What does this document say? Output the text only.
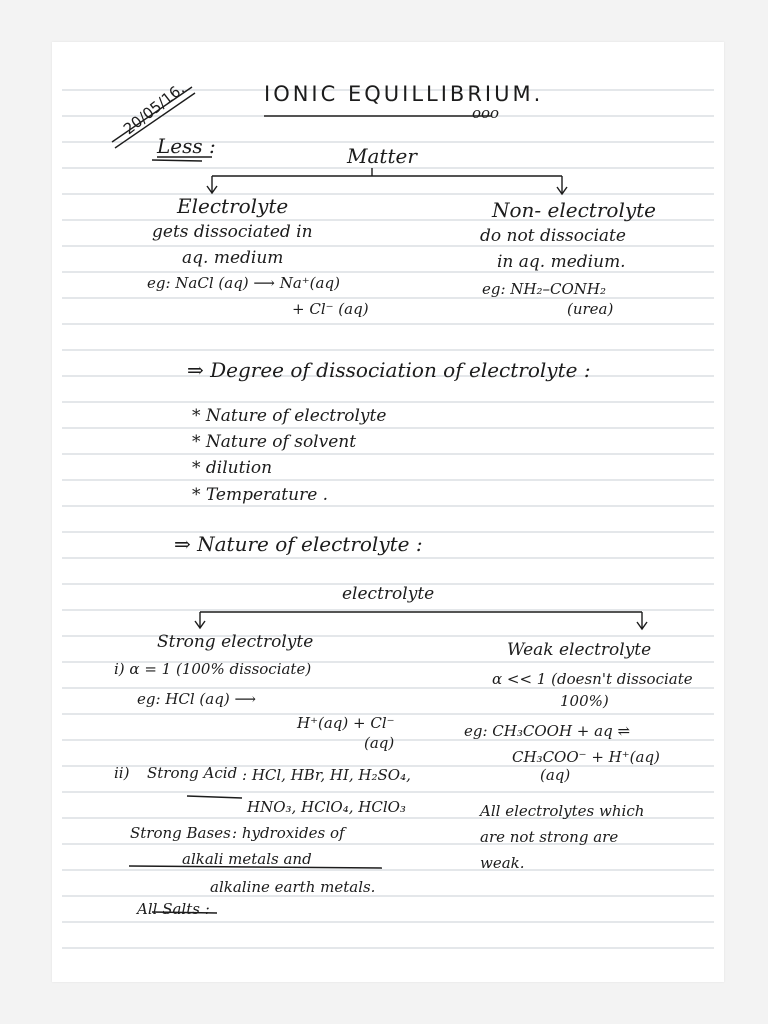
20/05/16.	IONIC EQUILLIBRIUM.
ooo
Less :	Matter
Electrolyte
gets dissociated in
aq. medium
eg: NaCl (aq) ⟶ Na⁺(aq)
+ Cl⁻ (aq)
Non- electrolyte
do not dissociate
in aq. medium.
eg: NH₂–CONH₂
(urea)
⇒ Degree of dissociation of electrolyte :
* Nature of electrolyte
* Nature of solvent
* dilution
* Temperature .
⇒ Nature of electrolyte :
electrolyte
Strong electrolyte
i) α = 1 (100% dissociate)
eg: HCl (aq) ⟶
H⁺(aq) + Cl⁻
(aq)
ii) Strong Acid : HCl, HBr, HI, H₂SO₄,
HNO₃, HClO₄, HClO₃
Strong Bases : hydroxides of
alkali metals and
alkaline earth metals.
All Salts :
Weak electrolyte
α << 1 (doesn't dissociate
100%)
eg: CH₃COOH + aq ⇌
CH₃COO⁻ + H⁺(aq)
(aq)
All electrolytes which
are not strong are
weak.
